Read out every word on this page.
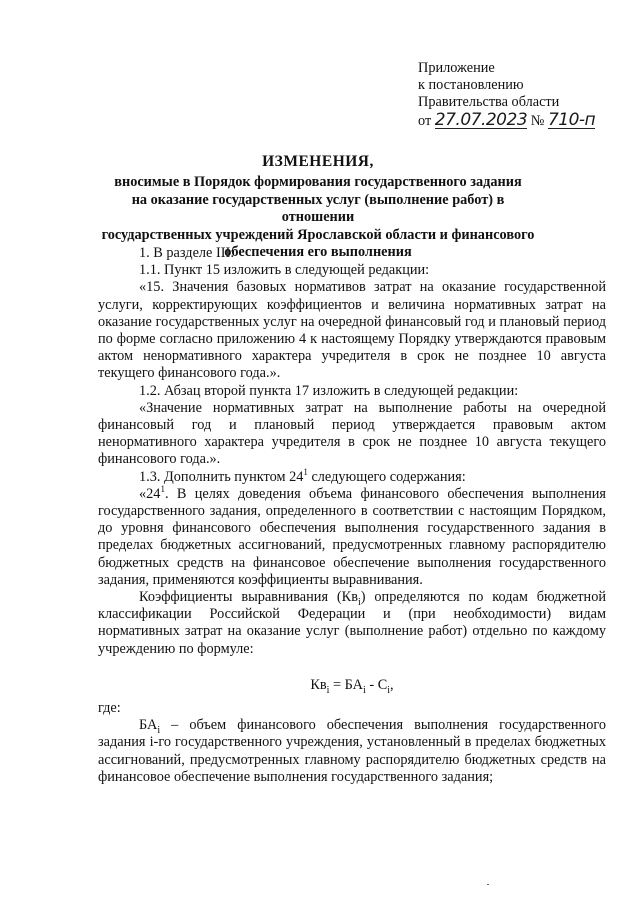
Приложение
к постановлению
Правительства области
от 27.07.2023 № 710-п
ИЗМЕНЕНИЯ,
вносимые в Порядок формирования государственного задания
на оказание государственных услуг (выполнение работ) в отношении
государственных учреждений Ярославской области и финансового
обеспечения его выполнения

1. В разделе III:

1.1. Пункт 15 изложить в следующей редакции:

«15. Значения базовых нормативов затрат на оказание государственной услуги, корректирующих коэффициентов и величина нормативных затрат на оказание государственных услуг на очередной финансовый год и плановый период по форме согласно приложению 4 к настоящему Порядку утверждаются правовым актом ненормативного характера учредителя в срок не позднее 10 августа текущего финансового года.».

1.2. Абзац второй пункта 17 изложить в следующей редакции:

«Значение нормативных затрат на выполнение работы на очередной финансовый год и плановый период утверждается правовым актом ненормативного характера учредителя в срок не позднее 10 августа текущего финансового года.».

1.3. Дополнить пунктом $24^1$ следующего содержания:

«$24^1$. В целях доведения объема финансового обеспечения выполнения государственного задания, определенного в соответствии с настоящим Порядком, до уровня финансового обеспечения выполнения государственного задания в пределах бюджетных ассигнований, предусмотренных главному распорядителю бюджетных средств на финансовое обеспечение выполнения государственного задания, применяются коэффициенты выравнивания.

Коэффициенты выравнивания $(Кв_i)$ определяются по кодам бюджетной классификации Российской Федерации и (при необходимости) видам нормативных затрат на оказание услуг (выполнение работ) отдельно по каждому учреждению по формуле:

$Кв_i = БА_i - С_i$,

где:

$БА_i$ – объем финансового обеспечения выполнения государственного задания i-го государственного учреждения, установленный в пределах бюджетных ассигнований, предусмотренных главному распорядителю бюджетных средств на финансовое обеспечение выполнения государственного задания;
